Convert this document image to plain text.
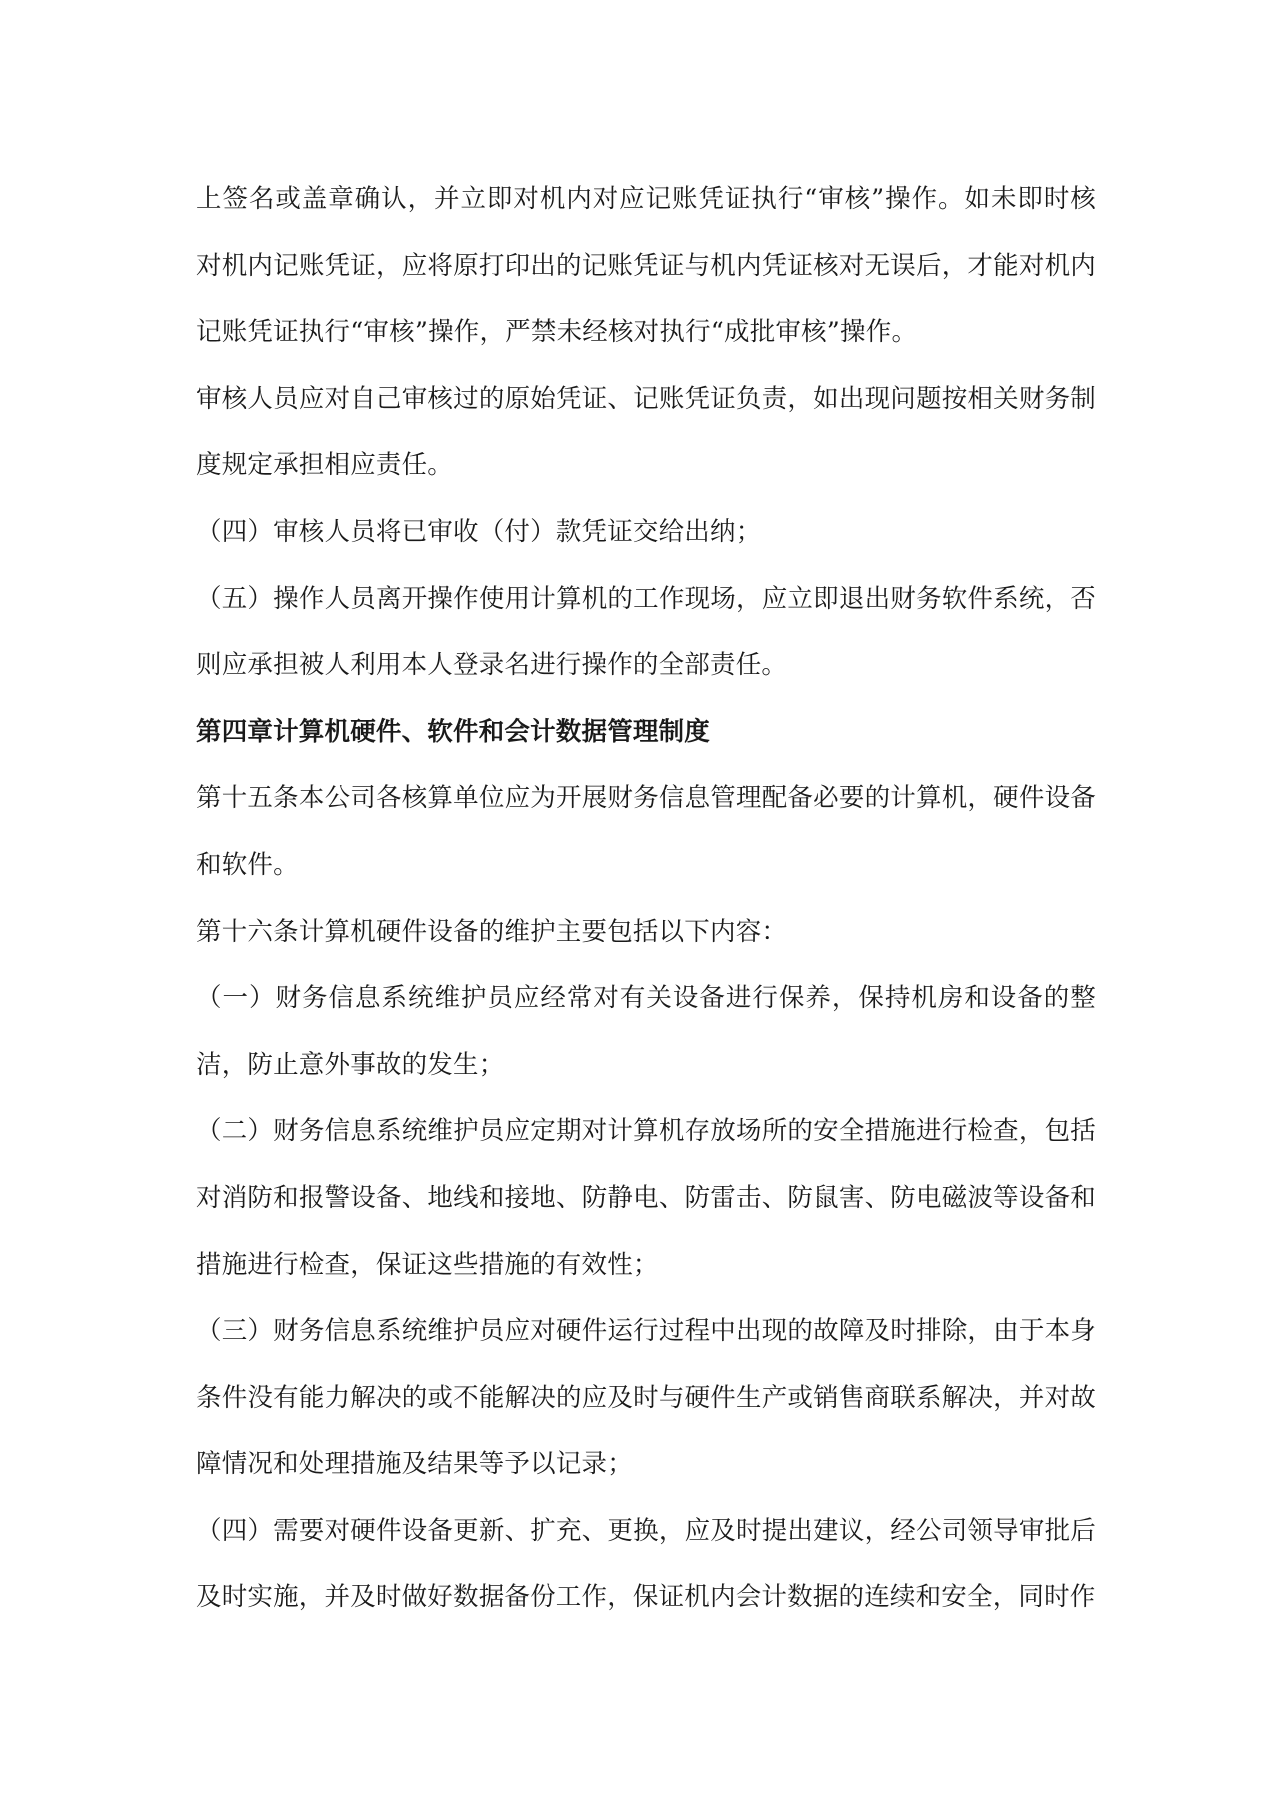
上签名或盖章确认，并立即对机内对应记账凭证执行“审核”操作。如未即时核对机内记账凭证，应将原打印出的记账凭证与机内凭证核对无误后，才能对机内记账凭证执行“审核”操作，严禁未经核对执行“成批审核”操作。

审核人员应对自己审核过的原始凭证、记账凭证负责，如出现问题按相关财务制度规定承担相应责任。

（四）审核人员将已审收（付）款凭证交给出纳；

（五）操作人员离开操作使用计算机的工作现场，应立即退出财务软件系统，否则应承担被人利用本人登录名进行操作的全部责任。

第四章计算机硬件、软件和会计数据管理制度

第十五条本公司各核算单位应为开展财务信息管理配备必要的计算机，硬件设备和软件。

第十六条计算机硬件设备的维护主要包括以下内容：

（一）财务信息系统维护员应经常对有关设备进行保养，保持机房和设备的整洁，防止意外事故的发生；

（二）财务信息系统维护员应定期对计算机存放场所的安全措施进行检查，包括对消防和报警设备、地线和接地、防静电、防雷击、防鼠害、防电磁波等设备和措施进行检查，保证这些措施的有效性；

（三）财务信息系统维护员应对硬件运行过程中出现的故障及时排除，由于本身条件没有能力解决的或不能解决的应及时与硬件生产或销售商联系解决，并对故障情况和处理措施及结果等予以记录；

（四）需要对硬件设备更新、扩充、更换，应及时提出建议，经公司领导审批后及时实施，并及时做好数据备份工作，保证机内会计数据的连续和安全，同时作
